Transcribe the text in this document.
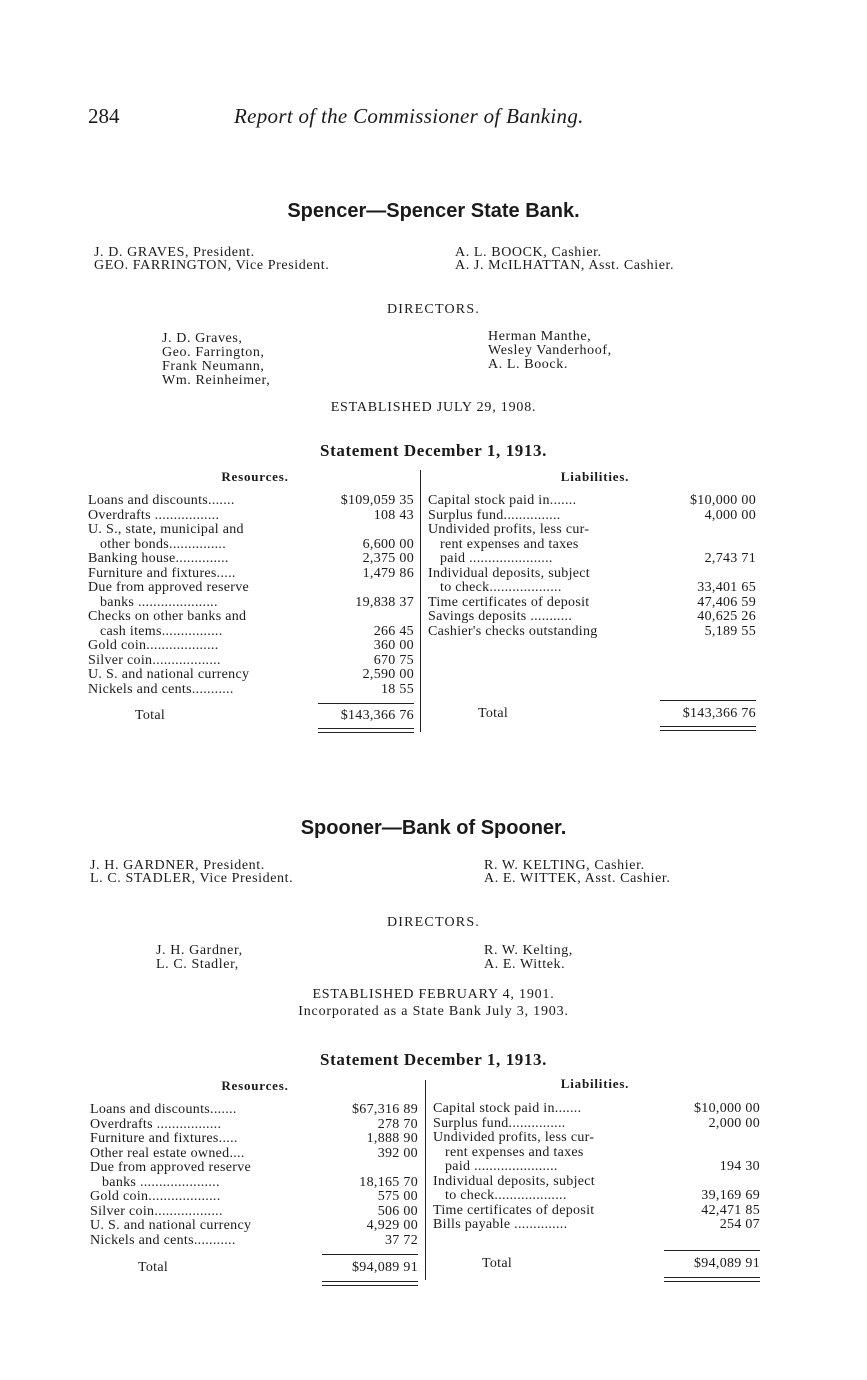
284	Report of the Commissioner of Banking.
Spencer—Spencer State Bank.
J. D. GRAVES, President.
GEO. FARRINGTON, Vice President.
A. L. BOOCK, Cashier.
A. J. McILHATTAN, Asst. Cashier.
DIRECTORS.
J. D. Graves,
Geo. Farrington,
Frank Neumann,
Wm. Reinheimer,
Herman Manthe,
Wesley Vanderhoof,
A. L. Boock.
ESTABLISHED JULY 29, 1908.
Statement December 1, 1913.
Resources.	Liabilities.
Loans and discounts.......	$109,059 35
Overdrafts .................	108 43
U. S., state, municipal and
other bonds...............	6,600 00
Banking house..............	2,375 00
Furniture and fixtures.....	1,479 86
Due from approved reserve
banks .....................	19,838 37
Checks on other banks and
cash items................	266 45
Gold coin...................	360 00
Silver coin..................	670 75
U. S. and national currency	2,590 00
Nickels and cents...........	18 55
Capital stock paid in.......	$10,000 00
Surplus fund...............	4,000 00
Undivided profits, less cur-
rent expenses and taxes
paid ......................	2,743 71
Individual deposits, subject
to check...................	33,401 65
Time certificates of deposit	47,406 59
Savings deposits ...........	40,625 26
Cashier's checks outstanding	5,189 55
Total	$143,366 76	Total	$143,366 76
Spooner—Bank of Spooner.
J. H. GARDNER, President.
L. C. STADLER, Vice President.
R. W. KELTING, Cashier.
A. E. WITTEK, Asst. Cashier.
DIRECTORS.
J. H. Gardner,
L. C. Stadler,
R. W. Kelting,
A. E. Wittek.
ESTABLISHED FEBRUARY 4, 1901.
Incorporated as a State Bank July 3, 1903.
Statement December 1, 1913.
Resources.	Liabilities.
Loans and discounts.......	$67,316 89
Overdrafts .................	278 70
Furniture and fixtures.....	1,888 90
Other real estate owned....	392 00
Due from approved reserve
banks .....................	18,165 70
Gold coin...................	575 00
Silver coin..................	506 00
U. S. and national currency	4,929 00
Nickels and cents...........	37 72
Capital stock paid in.......	$10,000 00
Surplus fund...............	2,000 00
Undivided profits, less cur-
rent expenses and taxes
paid ......................	194 30
Individual deposits, subject
to check...................	39,169 69
Time certificates of deposit	42,471 85
Bills payable ..............	254 07
Total	$94,089 91	Total	$94,089 91
